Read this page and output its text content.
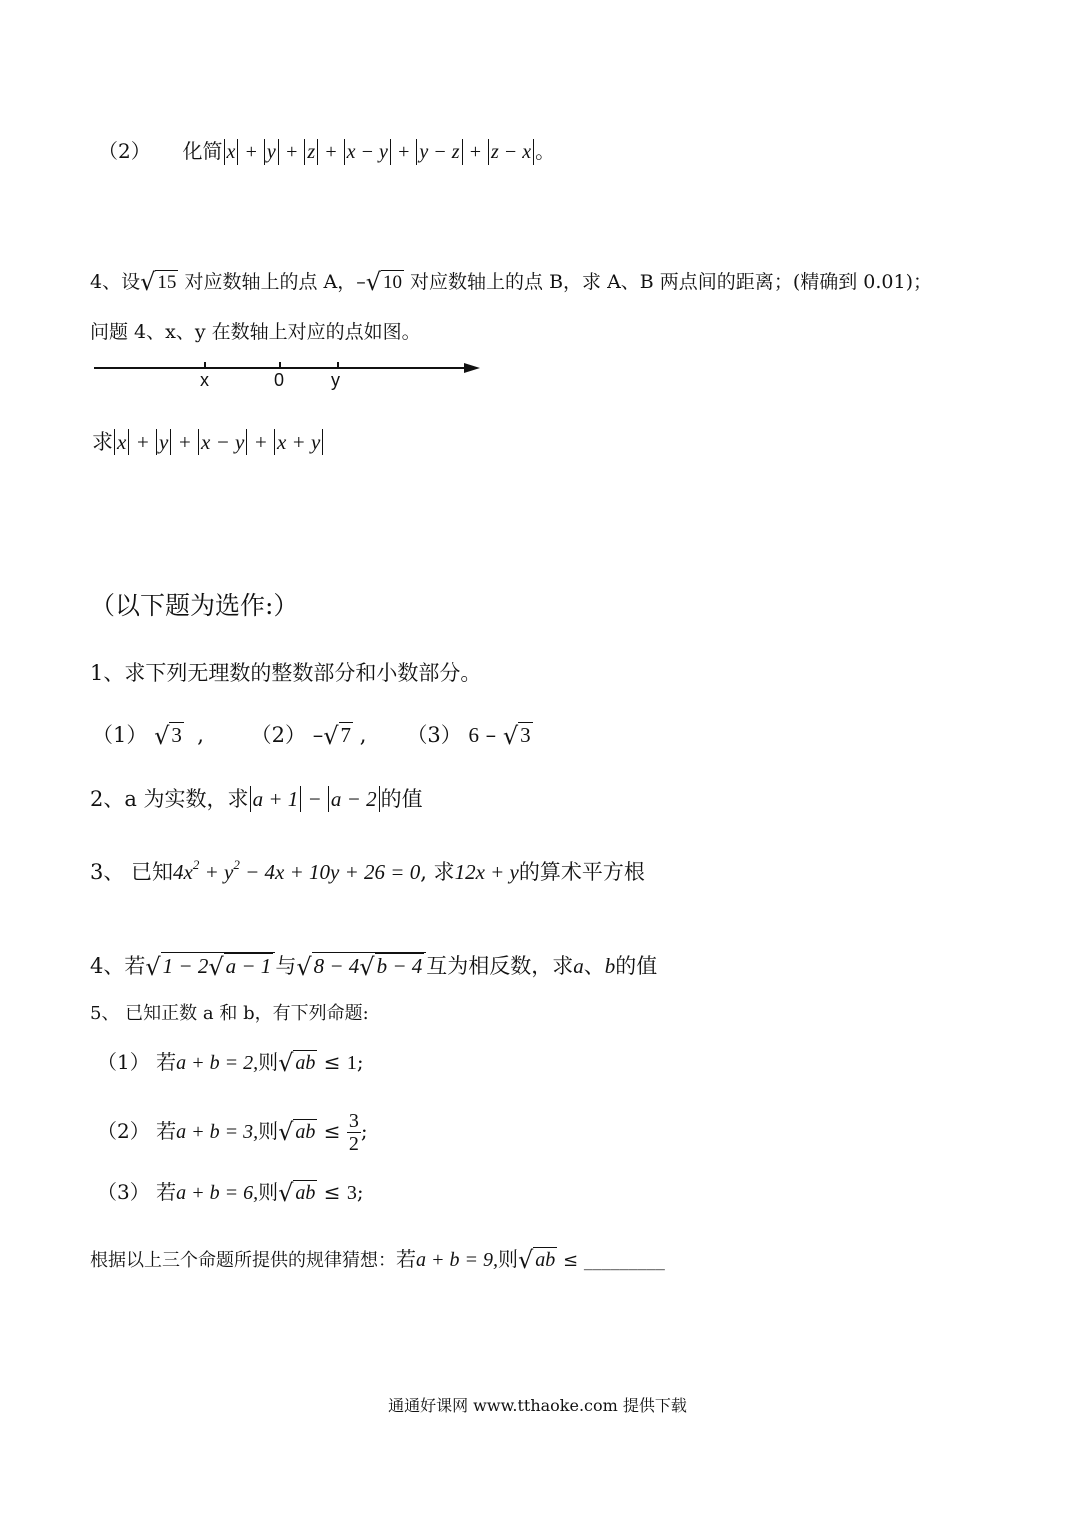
（2） 化简 x + y + z + x − y + y − z + z − x 。
4、设√ 15 对应数轴上的点 A，–√ 10 对应数轴上的点 B，求 A、B 两点间的距离；(精确到 0.01)；
问题 4、x、y 在数轴上对应的点如图。
x	0	y
求 x + y + x − y + x + y
（以下题为选作:）
1、求下列无理数的整数部分和小数部分。
（1） √3 , （2） –√7 , （3） 6 – √3
2、a 为实数，求 a + 1 − a − 2 的值
3、 已知$4x^2 + y^2 - 4x + 10y + 26 = 0$, 求12x + y的算术平方根
4、若√1 − 2√a − 1 与√8 − 4√b − 4 互为相反数，求a、b的值
5、 已知正数 a 和 b，有下列命题:
（1） 若a + b = 2,则√ ab ≤ 1;
（2） 若a + b = 3,则√ ab ≤ $\frac{3}{2}$ ;
（3） 若a + b = 6,则√ ab ≤ 3;
根据以上三个命题所提供的规律猜想：若a + b = 9,则√ ab ≤ _________
通通好课网 www.tthaoke.com 提供下载
